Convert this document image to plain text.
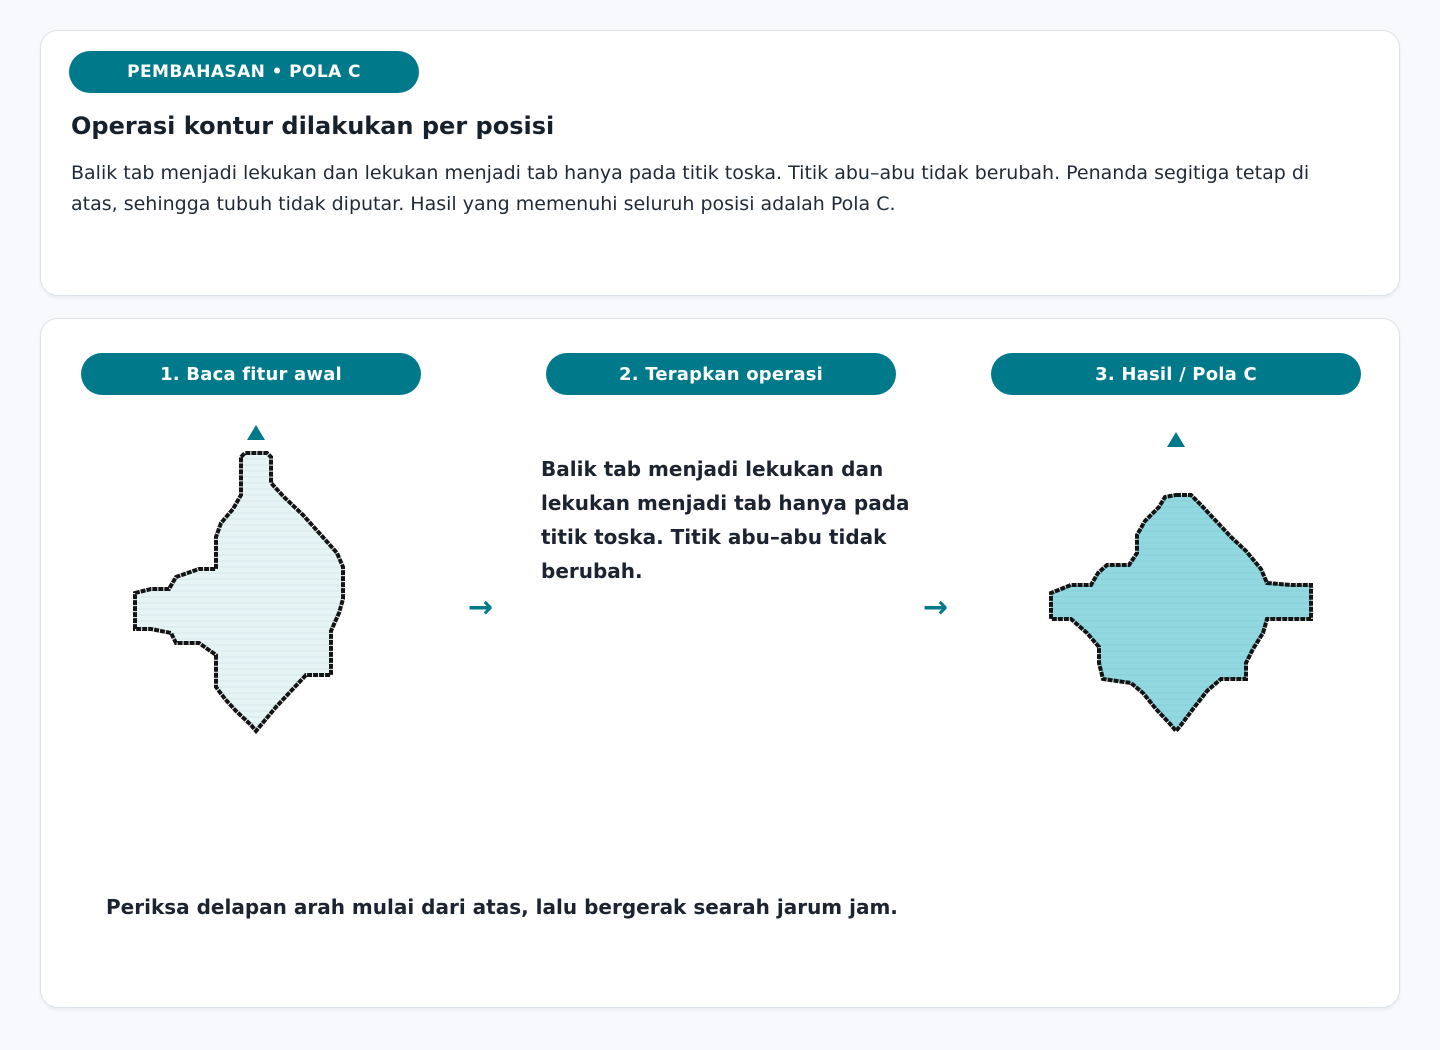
PEMBAHASAN • POLA C
Operasi kontur dilakukan per posisi

Balik tab menjadi lekukan dan lekukan menjadi tab hanya pada titik toska. Titik abu–abu tidak berubah. Penanda segitiga tetap di atas, sehingga tubuh tidak diputar. Hasil yang memenuhi seluruh posisi adalah Pola C.

1. Baca fitur awal	2. Terapkan operasi	3. Hasil / Pola C
→

Balik tab menjadi lekukan dan lekukan menjadi tab hanya pada titik toska. Titik abu–abu tidak berubah.

→

Periksa delapan arah mulai dari atas, lalu bergerak searah jarum jam.
